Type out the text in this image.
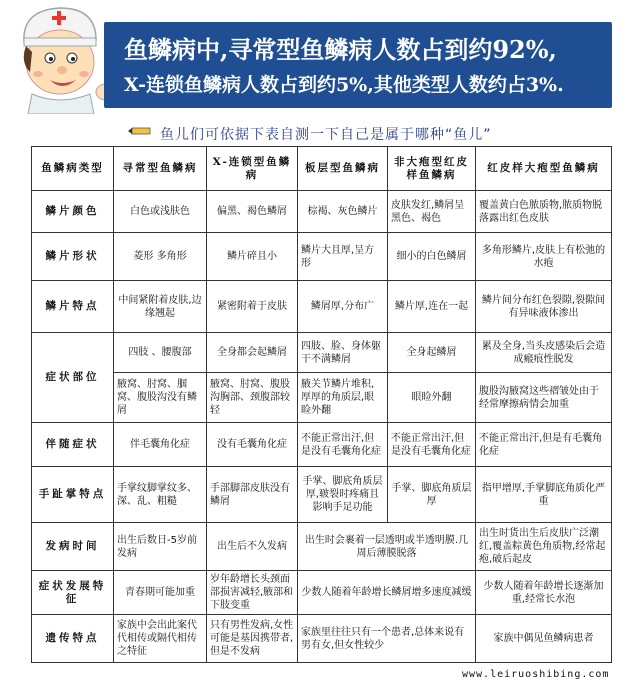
鱼鳞病中,寻常型鱼鳞病人数占到约92%,
X-连锁鱼鳞病人数占到约5%,其他类型人数约占3%.
鱼儿们可依据下表自测一下自己是属于哪种“鱼儿”
鱼鳞病类型	寻常型鱼鳞病	X-连锁型鱼鳞病	板层型鱼鳞病	非大疱型红皮样鱼鳞病	红皮样大疱型鱼鳞病
鳞片颜色	白色或浅肤色	偏黑、褐色鳞屑	棕褐、灰色鳞片	皮肤发红,鳞屑呈黑色、褐色	覆盖黄白色脓质物,脓质物脱落露出红色皮肤
鳞片形状	菱形 多角形	鳞片碎且小	鳞片大且厚,呈方形	细小的白色鳞屑	多角形鳞片,皮肤上有松弛的水疱
鳞片特点	中间紧附着皮肤,边缘翘起	紧密附着于皮肤	鳞屑厚,分布广	鳞片厚,连在一起	鳞片间分布红色裂隙,裂隙间有异味液体渗出
症状部位	四肢 、腰腹部	全身都会起鳞屑	四肢、脸、身体躯干不满鳞屑	全身起鳞屑	累及全身,当头皮感染后会造成瘢痕性脱发
	腋窝、肘窝、腘窝、腹股沟没有鳞屑	腋窝、肘窝、腹股沟胸部、颈腹部较轻	腋关节鳞片堆积,厚厚的角质层,眼睑外翻	眼睑外翻	腹股沟腋窝这些褶皱处由于经常摩擦病情会加重
伴随症状	伴毛囊角化症	没有毛囊角化症	不能正常出汗,但是没有毛囊角化症	不能正常出汗,但是没有毛囊角化症	不能正常出汗,但是有毛囊角化症
手趾掌特点	手掌纹脚掌纹多、深、乱、粗糙	手部脚部皮肤没有鳞屑	手掌、脚底角质层厚,皲裂时疼痛且影响手足功能	手掌、脚底角质层厚	指甲增厚,手掌脚底角质化严重
发病时间	出生后数日-5岁前发病	出生后不久发病	出生时会裹着一层透明或半透明膜.几周后薄膜脱落		出生时货出生后皮肤广泛潮红,覆盖粽黄色角质物,经常起疱,破后起皮
症状发展特征	青春期可能加重	岁年龄增长头颈面部损害减轻,腋部和下肢变重	少数人随着年龄增长鳞屑增多速度减缓		少数人随着年龄增长逐渐加重,经常长水泡
遗传特点	家族中会出此案代代相传或隔代相传之特征	只有男性发病,女性可能是基因携带者,但是不发病	家族里往往只有一个患者,总体来说有男有女,但女性较少		家族中偶见鱼鳞病患者
www.leiruoshibing.com
